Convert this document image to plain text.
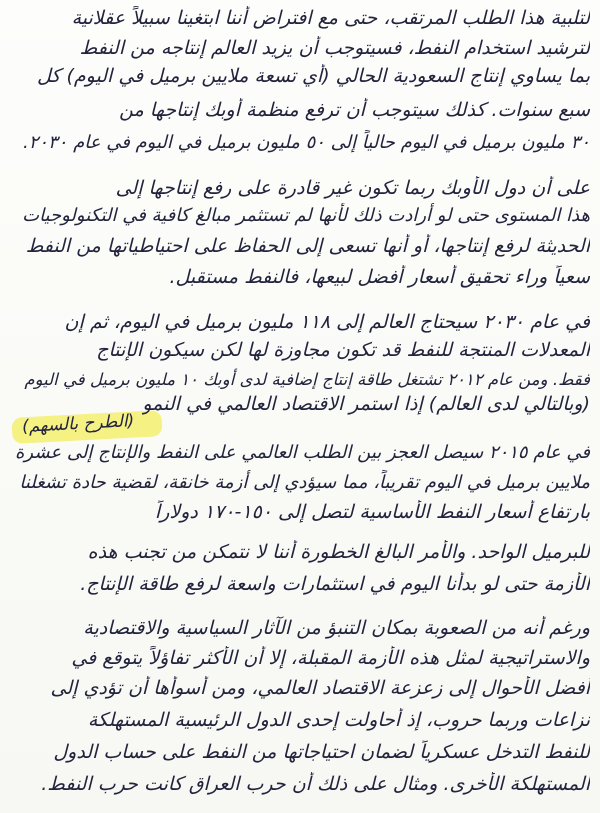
لتلبية هذا الطلب المرتقب، حتى مع افتراض أننا ابتغينا سبيلاً عقلانية
لترشيد استخدام النفط، فسيتوجب أن يزيد العالم إنتاجه من النفط
بما يساوي إنتاج السعودية الحالي (أي تسعة ملايين برميل في اليوم) كل
سبع سنوات. كذلك سيتوجب أن ترفع منظمة أوبك إنتاجها من
٣٠ مليون برميل في اليوم حالياً إلى ٥٠ مليون برميل في اليوم في عام ٢٠٣٠.
على أن دول الأوبك ربما تكون غير قادرة على رفع إنتاجها إلى
هذا المستوى حتى لو أرادت ذلك لأنها لم تستثمر مبالغ كافية في التكنولوجيات
الحديثة لرفع إنتاجها، أو أنها تسعى إلى الحفاظ على احتياطياتها من النفط
سعياً وراء تحقيق أسعار أفضل لبيعها، فالنفط مستقبل.
في عام ٢٠٣٠ سيحتاج العالم إلى ١١٨ مليون برميل في اليوم، ثم إن
المعدلات المنتجة للنفط قد تكون مجاوزة لها لكن سيكون الإنتاج
فقط. ومن عام ٢٠١٢ تشتغل طاقة إنتاج إضافية لدى أوبك ١٠ مليون برميل في اليوم
(وبالتالي لدى العالم) إذا استمر الاقتصاد العالمي في النمو
(الطرح بالسهم)
في عام ٢٠١٥ سيصل العجز بين الطلب العالمي على النفط والإنتاج إلى عشرة
ملايين برميل في اليوم تقريباً، مما سيؤدي إلى أزمة خانقة، لقضية حادة تشغلنا
بارتفاع أسعار النفط الأساسية لتصل إلى ١٥٠-١٧٠ دولاراً
للبرميل الواحد. والأمر البالغ الخطورة أننا لا نتمكن من تجنب هذه
الأزمة حتى لو بدأنا اليوم في استثمارات واسعة لرفع طاقة الإنتاج.
ورغم أنه من الصعوبة بمكان التنبؤ من الآثار السياسية والاقتصادية
والاستراتيجية لمثل هذه الأزمة المقبلة، إلا أن الأكثر تفاؤلاً يتوقع في
أفضل الأحوال إلى زعزعة الاقتصاد العالمي، ومن أسوأها أن تؤدي إلى
نزاعات وربما حروب، إذ أحاولت إحدى الدول الرئيسية المستهلكة
للنفط التدخل عسكرياً لضمان احتياجاتها من النفط على حساب الدول
المستهلكة الأخرى. ومثال على ذلك أن حرب العراق كانت حرب النفط.
